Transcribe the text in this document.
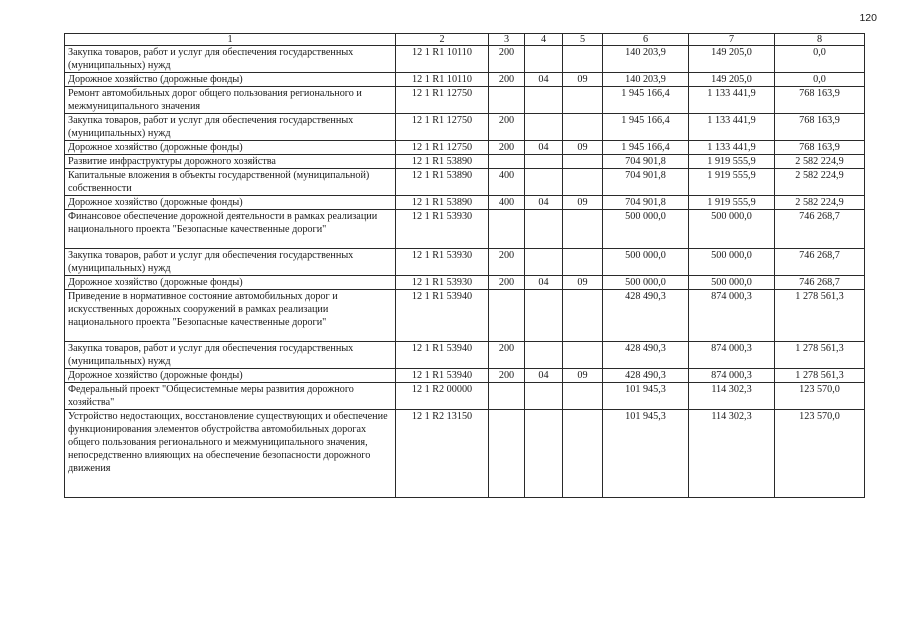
120
1	2	3	4	5	6	7	8
Закупка товаров, работ и услуг для обеспечения государственных (муниципальных) нужд	12 1 R1 10110	200			140 203,9	149 205,0	0,0
Дорожное хозяйство (дорожные фонды)	12 1 R1 10110	200	04	09	140 203,9	149 205,0	0,0
Ремонт автомобильных дорог общего пользования регионального и межмуниципального значения	12 1 R1 12750				1 945 166,4	1 133 441,9	768 163,9
Закупка товаров, работ и услуг для обеспечения государственных (муниципальных) нужд	12 1 R1 12750	200			1 945 166,4	1 133 441,9	768 163,9
Дорожное хозяйство (дорожные фонды)	12 1 R1 12750	200	04	09	1 945 166,4	1 133 441,9	768 163,9
Развитие инфраструктуры дорожного хозяйства	12 1 R1 53890				704 901,8	1 919 555,9	2 582 224,9
Капитальные вложения в объекты государственной (муниципальной) собственности	12 1 R1 53890	400			704 901,8	1 919 555,9	2 582 224,9
Дорожное хозяйство (дорожные фонды)	12 1 R1 53890	400	04	09	704 901,8	1 919 555,9	2 582 224,9
Финансовое обеспечение дорожной деятельности в рамках реализации национального проекта "Безопасные качественные дороги"	12 1 R1 53930				500 000,0	500 000,0	746 268,7
Закупка товаров, работ и услуг для обеспечения государственных (муниципальных) нужд	12 1 R1 53930	200			500 000,0	500 000,0	746 268,7
Дорожное хозяйство (дорожные фонды)	12 1 R1 53930	200	04	09	500 000,0	500 000,0	746 268,7
Приведение в нормативное состояние автомобильных дорог и искусственных дорожных сооружений в рамках реализации национального проекта "Безопасные качественные дороги"	12 1 R1 53940				428 490,3	874 000,3	1 278 561,3
Закупка товаров, работ и услуг для обеспечения государственных (муниципальных) нужд	12 1 R1 53940	200			428 490,3	874 000,3	1 278 561,3
Дорожное хозяйство (дорожные фонды)	12 1 R1 53940	200	04	09	428 490,3	874 000,3	1 278 561,3
Федеральный проект "Общесистемные меры развития дорожного хозяйства"	12 1 R2 00000				101 945,3	114 302,3	123 570,0
Устройство недостающих, восстановление существующих и обеспечение функционирования элементов обустройства автомобильных дорогах общего пользования регионального и межмуниципального значения, непосредственно влияющих на обеспечение безопасности дорожного движения	12 1 R2 13150				101 945,3	114 302,3	123 570,0
